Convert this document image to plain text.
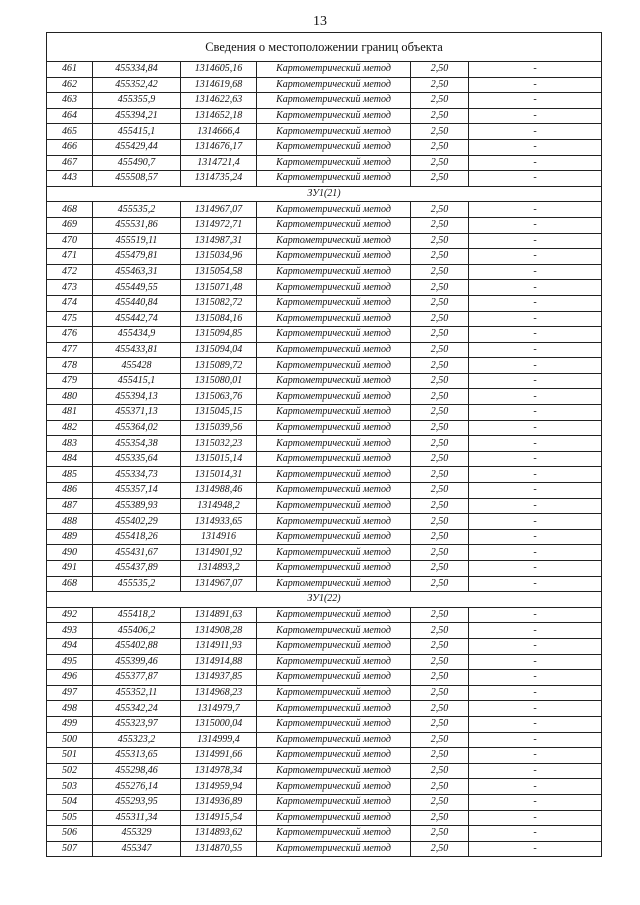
13
Сведения о местоположении границ объекта					
461	455334,84	1314605,16	Картометрический метод	2,50	-
462	455352,42	1314619,68	Картометрический метод	2,50	-
463	455355,9	1314622,63	Картометрический метод	2,50	-
464	455394,21	1314652,18	Картометрический метод	2,50	-
465	455415,1	1314666,4	Картометрический метод	2,50	-
466	455429,44	1314676,17	Картометрический метод	2,50	-
467	455490,7	1314721,4	Картометрический метод	2,50	-
443	455508,57	1314735,24	Картометрический метод	2,50	-
ЗУ1(21)					
468	455535,2	1314967,07	Картометрический метод	2,50	-
469	455531,86	1314972,71	Картометрический метод	2,50	-
470	455519,11	1314987,31	Картометрический метод	2,50	-
471	455479,81	1315034,96	Картометрический метод	2,50	-
472	455463,31	1315054,58	Картометрический метод	2,50	-
473	455449,55	1315071,48	Картометрический метод	2,50	-
474	455440,84	1315082,72	Картометрический метод	2,50	-
475	455442,74	1315084,16	Картометрический метод	2,50	-
476	455434,9	1315094,85	Картометрический метод	2,50	-
477	455433,81	1315094,04	Картометрический метод	2,50	-
478	455428	1315089,72	Картометрический метод	2,50	-
479	455415,1	1315080,01	Картометрический метод	2,50	-
480	455394,13	1315063,76	Картометрический метод	2,50	-
481	455371,13	1315045,15	Картометрический метод	2,50	-
482	455364,02	1315039,56	Картометрический метод	2,50	-
483	455354,38	1315032,23	Картометрический метод	2,50	-
484	455335,64	1315015,14	Картометрический метод	2,50	-
485	455334,73	1315014,31	Картометрический метод	2,50	-
486	455357,14	1314988,46	Картометрический метод	2,50	-
487	455389,93	1314948,2	Картометрический метод	2,50	-
488	455402,29	1314933,65	Картометрический метод	2,50	-
489	455418,26	1314916	Картометрический метод	2,50	-
490	455431,67	1314901,92	Картометрический метод	2,50	-
491	455437,89	1314893,2	Картометрический метод	2,50	-
468	455535,2	1314967,07	Картометрический метод	2,50	-
ЗУ1(22)					
492	455418,2	1314891,63	Картометрический метод	2,50	-
493	455406,2	1314908,28	Картометрический метод	2,50	-
494	455402,88	1314911,93	Картометрический метод	2,50	-
495	455399,46	1314914,88	Картометрический метод	2,50	-
496	455377,87	1314937,85	Картометрический метод	2,50	-
497	455352,11	1314968,23	Картометрический метод	2,50	-
498	455342,24	1314979,7	Картометрический метод	2,50	-
499	455323,97	1315000,04	Картометрический метод	2,50	-
500	455323,2	1314999,4	Картометрический метод	2,50	-
501	455313,65	1314991,66	Картометрический метод	2,50	-
502	455298,46	1314978,34	Картометрический метод	2,50	-
503	455276,14	1314959,94	Картометрический метод	2,50	-
504	455293,95	1314936,89	Картометрический метод	2,50	-
505	455311,34	1314915,54	Картометрический метод	2,50	-
506	455329	1314893,62	Картометрический метод	2,50	-
507	455347	1314870,55	Картометрический метод	2,50	-
